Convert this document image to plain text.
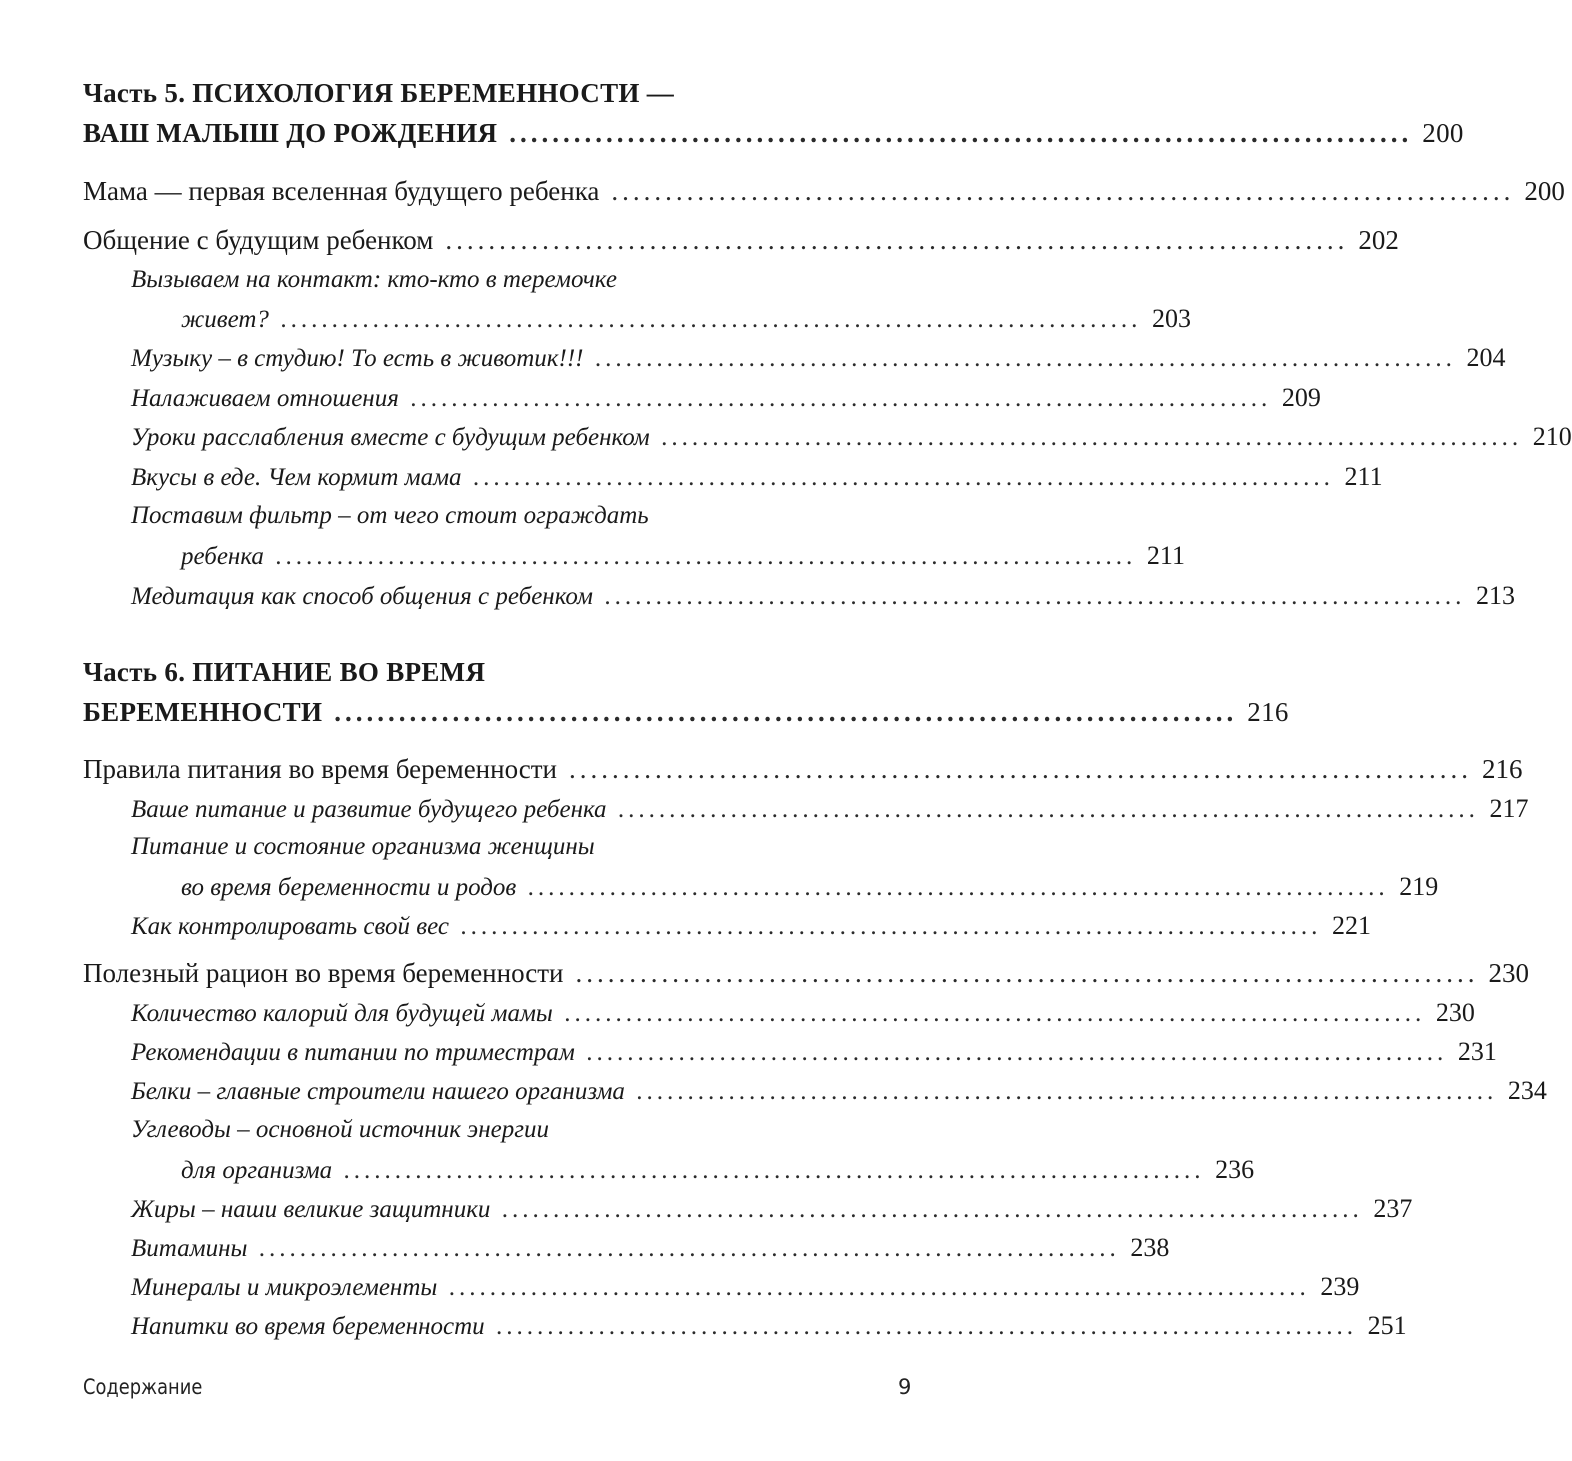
Часть 5. ПСИХОЛОГИЯ БЕРЕМЕННОСТИ —
ВАШ МАЛЫШ ДО РОЖДЕНИЯ .................................................................................... 200
Мама — первая вселенная будущего ребенка .................................................................................... 200
Общение с будущим ребенком .................................................................................... 202
Вызываем на контакт: кто-кто в теремочке
живет? .................................................................................... 203
Музыку – в студию! То есть в животик!!! .................................................................................... 204
Налаживаем отношения .................................................................................... 209
Уроки расслабления вместе с будущим ребенком .................................................................................... 210
Вкусы в еде. Чем кормит мама .................................................................................... 211
Поставим фильтр – от чего стоит ограждать
ребенка .................................................................................... 211
Медитация как способ общения с ребенком .................................................................................... 213
Часть 6. ПИТАНИЕ ВО ВРЕМЯ
БЕРЕМЕННОСТИ .................................................................................... 216
Правила питания во время беременности .................................................................................... 216
Ваше питание и развитие будущего ребенка .................................................................................... 217
Питание и состояние организма женщины
во время беременности и родов .................................................................................... 219
Как контролировать свой вес .................................................................................... 221
Полезный рацион во время беременности .................................................................................... 230
Количество калорий для будущей мамы .................................................................................... 230
Рекомендации в питании по триместрам .................................................................................... 231
Белки – главные строители нашего организма .................................................................................... 234
Углеводы – основной источник энергии
для организма .................................................................................... 236
Жиры – наши великие защитники .................................................................................... 237
Витамины .................................................................................... 238
Минералы и микроэлементы .................................................................................... 239
Напитки во время беременности .................................................................................... 251
Содержание	9
